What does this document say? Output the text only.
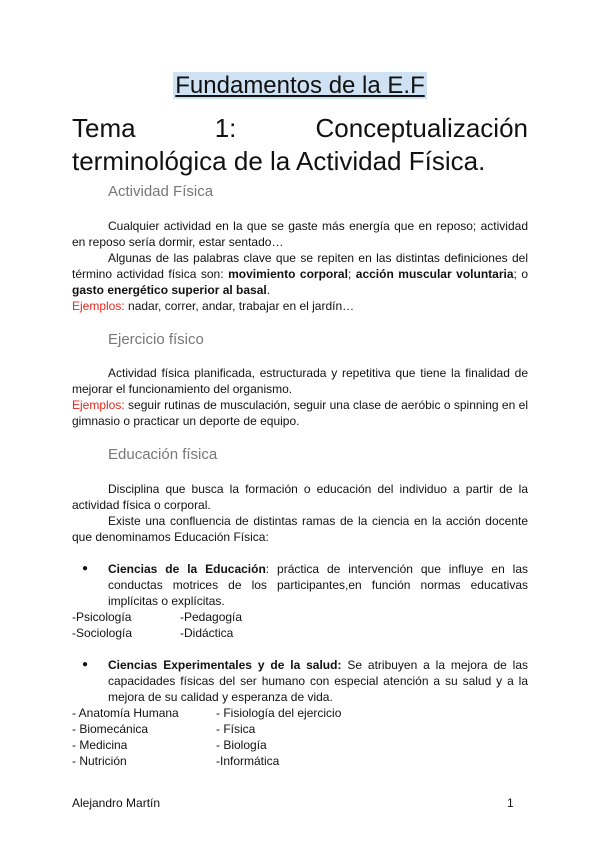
Fundamentos de la E.F
Tema	1:	Conceptualización
terminológica de la Actividad Física.
Actividad Física
Cualquier actividad en la que se gaste más energía que en reposo; actividad en reposo sería dormir, estar sentado…
Algunas de las palabras clave que se repiten en las distintas definiciones del término actividad física son: movimiento corporal; acción muscular voluntaria; o gasto energético superior al basal.
Ejemplos: nadar, correr, andar, trabajar en el jardín…
Ejercicio físico
Actividad física planificada, estructurada y repetitiva que tiene la finalidad de mejorar el funcionamiento del organismo.
Ejemplos: seguir rutinas de musculación, seguir una clase de aeróbic o spinning en el gimnasio o practicar un deporte de equipo.
Educación física
Disciplina que busca la formación o educación del individuo a partir de la actividad física o corporal.
Existe una confluencia de distintas ramas de la ciencia en la acción docente que denominamos Educación Física:
●	Ciencias de la Educación: práctica de intervención que influye en las conductas motrices de los participantes,en función normas educativas implícitas o explícitas.
-Psicología	-Pedagogía
-Sociología	-Didáctica
●	Ciencias Experimentales y de la salud: Se atribuyen a la mejora de las capacidades físicas del ser humano con especial atención a su salud y a la mejora de su calidad y esperanza de vida.
- Anatomía Humana	- Fisiología del ejercicio
- Biomecánica	- Física
- Medicina	- Biología
- Nutrición	-Informática
Alejandro Martín	1
